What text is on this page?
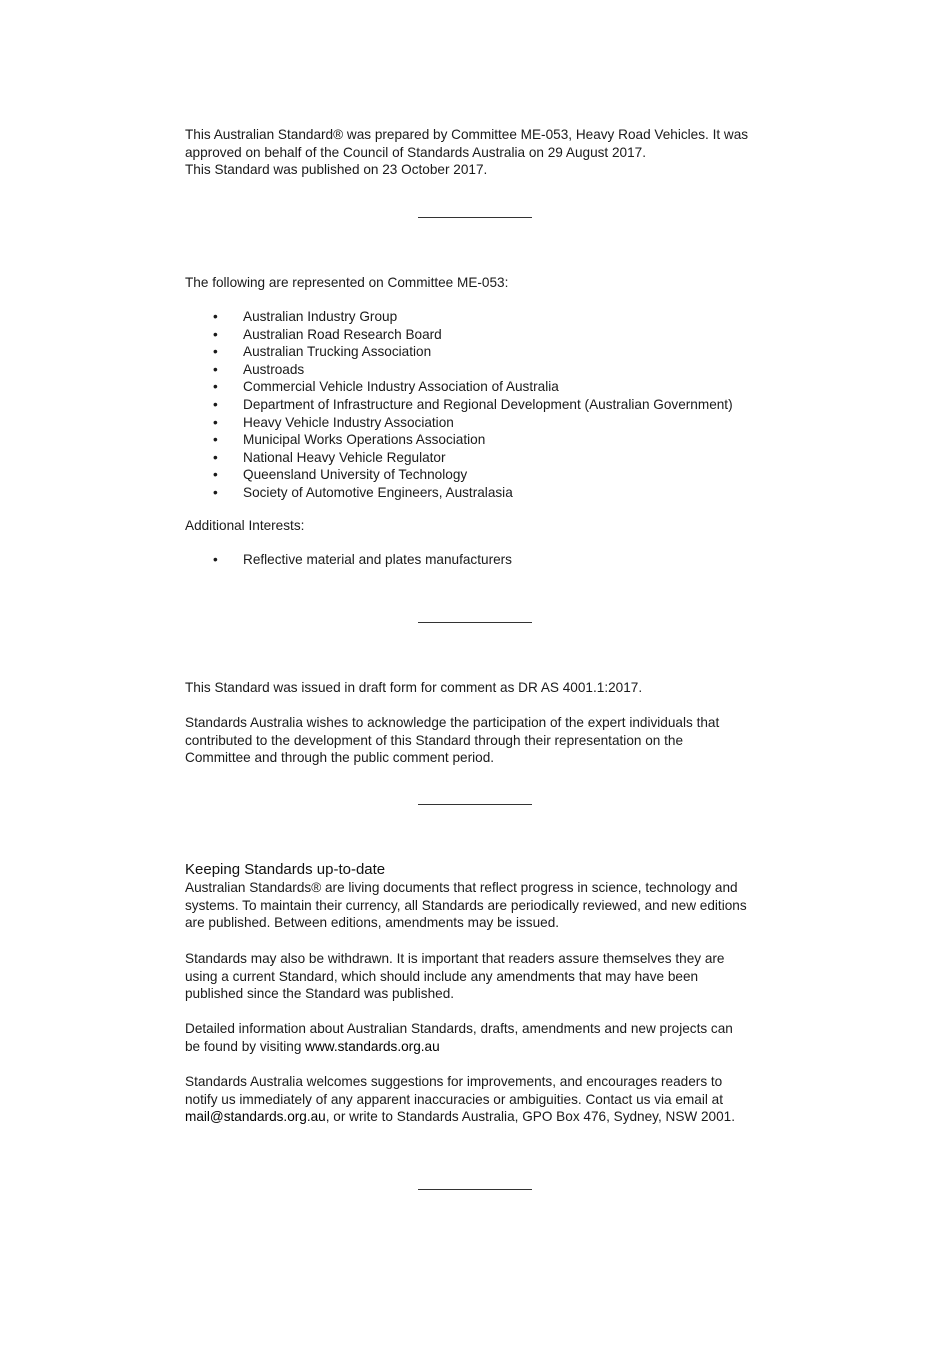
This Australian Standard® was prepared by Committee ME-053, Heavy Road Vehicles. It was

approved on behalf of the Council of Standards Australia on 29 August 2017.

This Standard was published on 23 October 2017.

The following are represented on Committee ME-053:

• Australian Industry Group
• Australian Road Research Board
• Australian Trucking Association
• Austroads
• Commercial Vehicle Industry Association of Australia
• Department of Infrastructure and Regional Development (Australian Government)
• Heavy Vehicle Industry Association
• Municipal Works Operations Association
• National Heavy Vehicle Regulator
• Queensland University of Technology
• Society of Automotive Engineers, Australasia

Additional Interests:

• Reflective material and plates manufacturers

This Standard was issued in draft form for comment as DR AS 4001.1:2017.

Standards Australia wishes to acknowledge the participation of the expert individuals that

contributed to the development of this Standard through their representation on the

Committee and through the public comment period.

Keeping Standards up-to-date

Australian Standards® are living documents that reflect progress in science, technology and

systems. To maintain their currency, all Standards are periodically reviewed, and new editions

are published. Between editions, amendments may be issued.

Standards may also be withdrawn. It is important that readers assure themselves they are

using a current Standard, which should include any amendments that may have been

published since the Standard was published.

Detailed information about Australian Standards, drafts, amendments and new projects can

be found by visiting www.standards.org.au

Standards Australia welcomes suggestions for improvements, and encourages readers to

notify us immediately of any apparent inaccuracies or ambiguities. Contact us via email at

mail@standards.org.au, or write to Standards Australia, GPO Box 476, Sydney, NSW 2001.
